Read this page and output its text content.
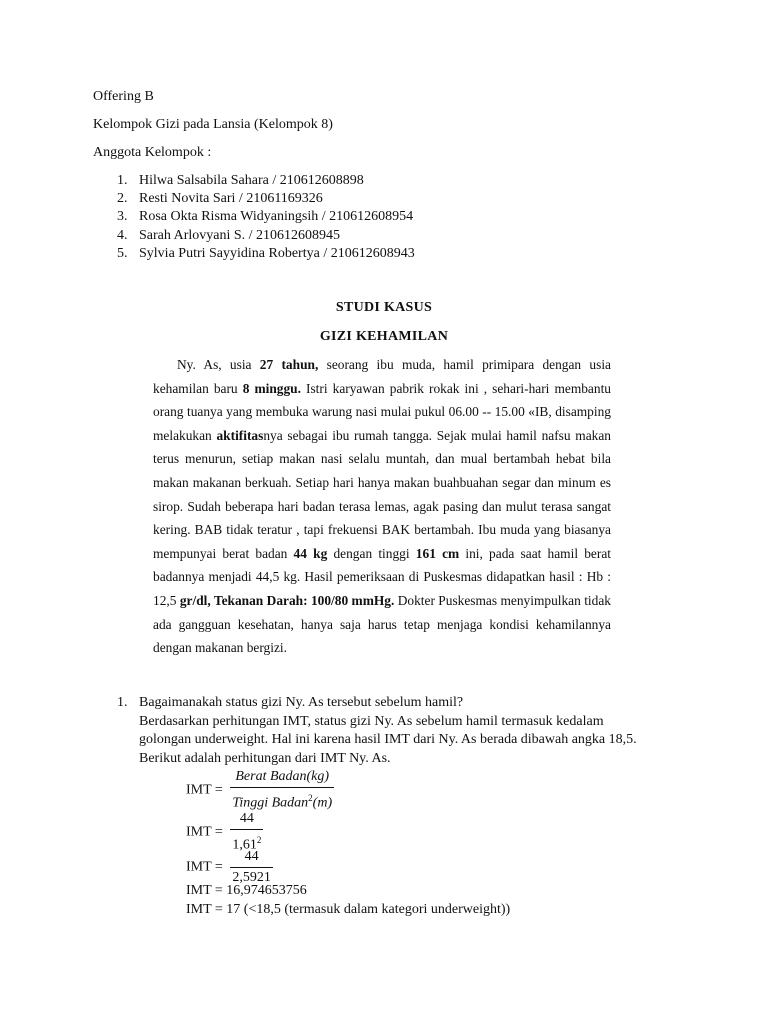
Offering B
Kelompok Gizi pada Lansia (Kelompok 8)
Anggota Kelompok :
1. Hilwa Salsabila Sahara / 210612608898
2. Resti Novita Sari / 21061169326
3. Rosa Okta Risma Widyaningsih / 210612608954
4. Sarah Arlovyani S. / 210612608945
5. Sylvia Putri Sayyidina Robertya / 210612608943
STUDI KASUS
GIZI KEHAMILAN

Ny. As, usia 27 tahun, seorang ibu muda, hamil primipara dengan usia kehamilan baru 8 minggu. Istri karyawan pabrik rokak ini , sehari-hari membantu orang tuanya yang membuka warung nasi mulai pukul 06.00 -- 15.00 «IB, disamping melakukan aktifitasnya sebagai ibu rumah tangga. Sejak mulai hamil nafsu makan terus menurun, setiap makan nasi selalu muntah, dan mual bertambah hebat bila makan makanan berkuah. Setiap hari hanya makan buahbuahan segar dan minum es sirop. Sudah beberapa hari badan terasa lemas, agak pasing dan mulut terasa sangat kering. BAB tidak teratur , tapi frekuensi BAK bertambah. Ibu muda yang biasanya mempunyai berat badan 44 kg dengan tinggi 161 cm ini, pada saat hamil berat badannya menjadi 44,5 kg. Hasil pemeriksaan di Puskesmas didapatkan hasil : Hb : 12,5 gr/dl, Tekanan Darah: 100/80 mmHg. Dokter Puskesmas menyimpulkan tidak ada gangguan kesehatan, hanya saja harus tetap menjaga kondisi kehamilannya dengan makanan bergizi.

1. Bagaimanakah status gizi Ny. As tersebut sebelum hamil?
Berdasarkan perhitungan IMT, status gizi Ny. As sebelum hamil termasuk kedalam golongan underweight. Hal ini karena hasil IMT dari Ny. As berada dibawah angka 18,5. Berikut adalah perhitungan dari IMT Ny. As.
IMT = $\frac{\text{Berat Badan(kg)}}{Tinggi Badan^2(m)}$
IMT = $\frac{44}{1,61^2}$
IMT = $\frac{44}{2,5921}$
IMT = 16,974653756
IMT = 17 (<18,5 (termasuk dalam kategori underweight))
